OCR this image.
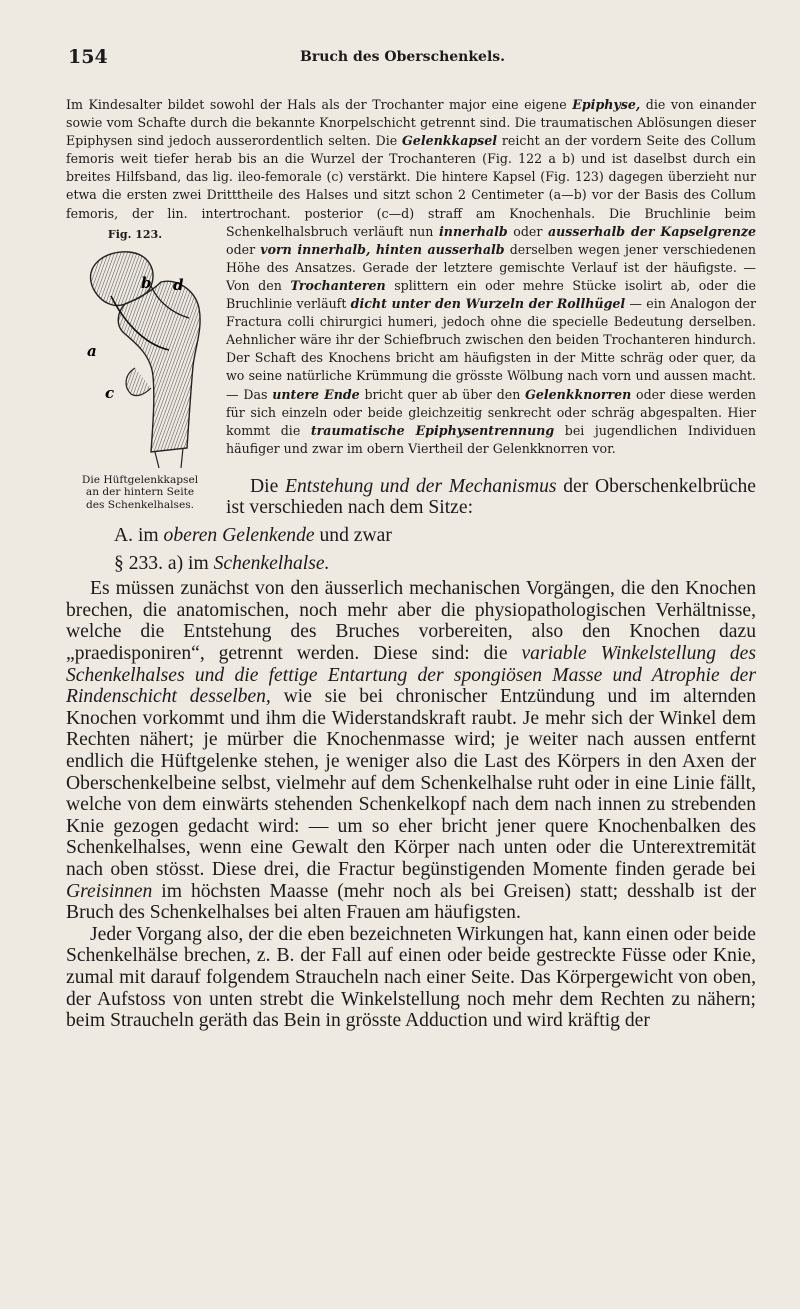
154	Bruch des Oberschenkels.

Im Kindesalter bildet sowohl der Hals als der Trochanter major eine eigene Epiphyse, die von einander sowie vom Schafte durch die bekannte Knorpelschicht getrennt sind. Die traumatischen Ablösungen dieser Epiphysen sind jedoch ausserordentlich selten. Die Gelenkkapsel reicht an der vordern Seite des Collum femoris weit tiefer herab bis an die Wurzel der Trochanteren (Fig. 122 a b) und ist daselbst durch ein breites Hilfsband, das lig. ileo-femorale (c) verstärkt. Die hintere Kapsel (Fig. 123) dagegen überzieht nur etwa die ersten zwei Dritttheile des Halses und sitzt schon 2 Centimeter (a—b) vor der Basis des Collum femoris, der lin. intertrochant. posterior (c—d) straff am Knochenhals. Die Bruchlinie beim Schenkelhalsbruch verläuft nun
Fig. 123.
b d
a
c
Die Hüftgelenkkapsel
an der hintern Seite
des Schenkelhalses.
innerhalb oder ausserhalb der Kapselgrenze oder vorn innerhalb, hinten ausserhalb derselben wegen jener verschiedenen Höhe des Ansatzes. Gerade der letztere gemischte Verlauf ist der häufigste. — Von den Trochanteren splittern ein oder mehre Stücke isolirt ab, oder die Bruchlinie verläuft dicht unter den Wurzeln der Rollhügel — ein Analogon der Fractura colli chirurgici humeri, jedoch ohne die specielle Bedeutung derselben. Aehnlicher wäre ihr der Schiefbruch zwischen den beiden Trochanteren hindurch. Der Schaft des Knochens bricht am häufigsten in der Mitte schräg oder quer, da wo seine natürliche Krümmung die grösste Wölbung nach vorn und aussen macht. — Das untere Ende bricht quer ab über den Gelenkknorren oder diese werden für sich einzeln oder beide gleichzeitig senkrecht oder schräg abgespalten. Hier kommt die traumatische Epiphysentrennung bei jugendlichen Individuen häufiger und zwar im obern Viertheil der Gelenkknorren vor.

Die Entstehung und der Mechanismus der Oberschenkelbrüche ist verschieden nach dem Sitze:

A. im oberen Gelenkende und zwar

§ 233. a) im Schenkelhalse.

Es müssen zunächst von den äusserlich mechanischen Vorgängen, die den Knochen brechen, die anatomischen, noch mehr aber die physiopathologischen Verhältnisse, welche die Entstehung des Bruches vorbereiten, also den Knochen dazu „praedisponiren“, getrennt werden. Diese sind: die variable Winkelstellung des Schenkelhalses und die fettige Entartung der spongiösen Masse und Atrophie der Rindenschicht desselben, wie sie bei chronischer Entzündung und im alternden Knochen vorkommt und ihm die Widerstandskraft raubt. Je mehr sich der Winkel dem Rechten nähert; je mürber die Knochenmasse wird; je weiter nach aussen entfernt endlich die Hüftgelenke stehen, je weniger also die Last des Körpers in den Axen der Oberschenkelbeine selbst, vielmehr auf dem Schenkelhalse ruht oder in eine Linie fällt, welche von dem einwärts stehenden Schenkelkopf nach dem nach innen zu strebenden Knie gezogen gedacht wird: — um so eher bricht jener quere Knochenbalken des Schenkelhalses, wenn eine Gewalt den Körper nach unten oder die Unterextremität nach oben stösst. Diese drei, die Fractur begünstigenden Momente finden gerade bei Greisinnen im höchsten Maasse (mehr noch als bei Greisen) statt; desshalb ist der Bruch des Schenkelhalses bei alten Frauen am häufigsten.

Jeder Vorgang also, der die eben bezeichneten Wirkungen hat, kann einen oder beide Schenkelhälse brechen, z. B. der Fall auf einen oder beide gestreckte Füsse oder Knie, zumal mit darauf folgendem Straucheln nach einer Seite. Das Körpergewicht von oben, der Aufstoss von unten strebt die Winkelstellung noch mehr dem Rechten zu nähern; beim Straucheln geräth das Bein in grösste Adduction und wird kräftig der
